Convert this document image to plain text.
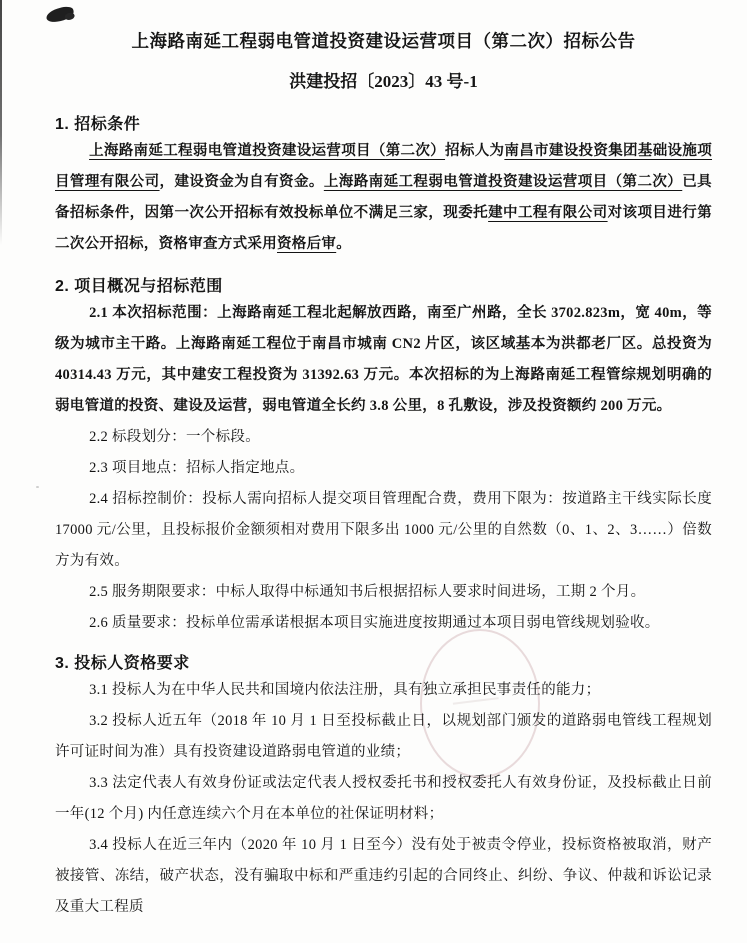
上海路南延工程弱电管道投资建设运营项目（第二次）招标公告
洪建投招〔2023〕43 号-1
1. 招标条件

上海路南延工程弱电管道投资建设运营项目（第二次）招标人为南昌市建设投资集团基础设施项目管理有限公司，建设资金为自有资金。上海路南延工程弱电管道投资建设运营项目（第二次）已具备招标条件，因第一次公开招标有效投标单位不满足三家，现委托建中工程有限公司对该项目进行第二次公开招标，资格审查方式采用资格后审。

2. 项目概况与招标范围

2.1 本次招标范围：上海路南延工程北起解放西路，南至广州路，全长 3702.823m，宽 40m，等级为城市主干路。上海路南延工程位于南昌市城南 CN2 片区，该区域基本为洪都老厂区。总投资为 40314.43 万元，其中建安工程投资为 31392.63 万元。本次招标的为上海路南延工程管综规划明确的弱电管道的投资、建设及运营，弱电管道全长约 3.8 公里，8 孔敷设，涉及投资额约 200 万元。

2.2 标段划分：一个标段。

2.3 项目地点：招标人指定地点。

2.4 招标控制价：投标人需向招标人提交项目管理配合费，费用下限为：按道路主干线实际长度 17000 元/公里，且投标报价金额须相对费用下限多出 1000 元/公里的自然数（0、1、2、3……）倍数方为有效。

2.5 服务期限要求：中标人取得中标通知书后根据招标人要求时间进场，工期 2 个月。

2.6 质量要求：投标单位需承诺根据本项目实施进度按期通过本项目弱电管线规划验收。

3. 投标人资格要求

3.1 投标人为在中华人民共和国境内依法注册，具有独立承担民事责任的能力；

3.2 投标人近五年（2018 年 10 月 1 日至投标截止日，以规划部门颁发的道路弱电管线工程规划许可证时间为准）具有投资建设道路弱电管道的业绩；

3.3 法定代表人有效身份证或法定代表人授权委托书和授权委托人有效身份证，及投标截止日前一年(12 个月) 内任意连续六个月在本单位的社保证明材料；

3.4 投标人在近三年内（2020 年 10 月 1 日至今）没有处于被责令停业，投标资格被取消，财产被接管、冻结，破产状态，没有骗取中标和严重违约引起的合同终止、纠纷、争议、仲裁和诉讼记录及重大工程质
